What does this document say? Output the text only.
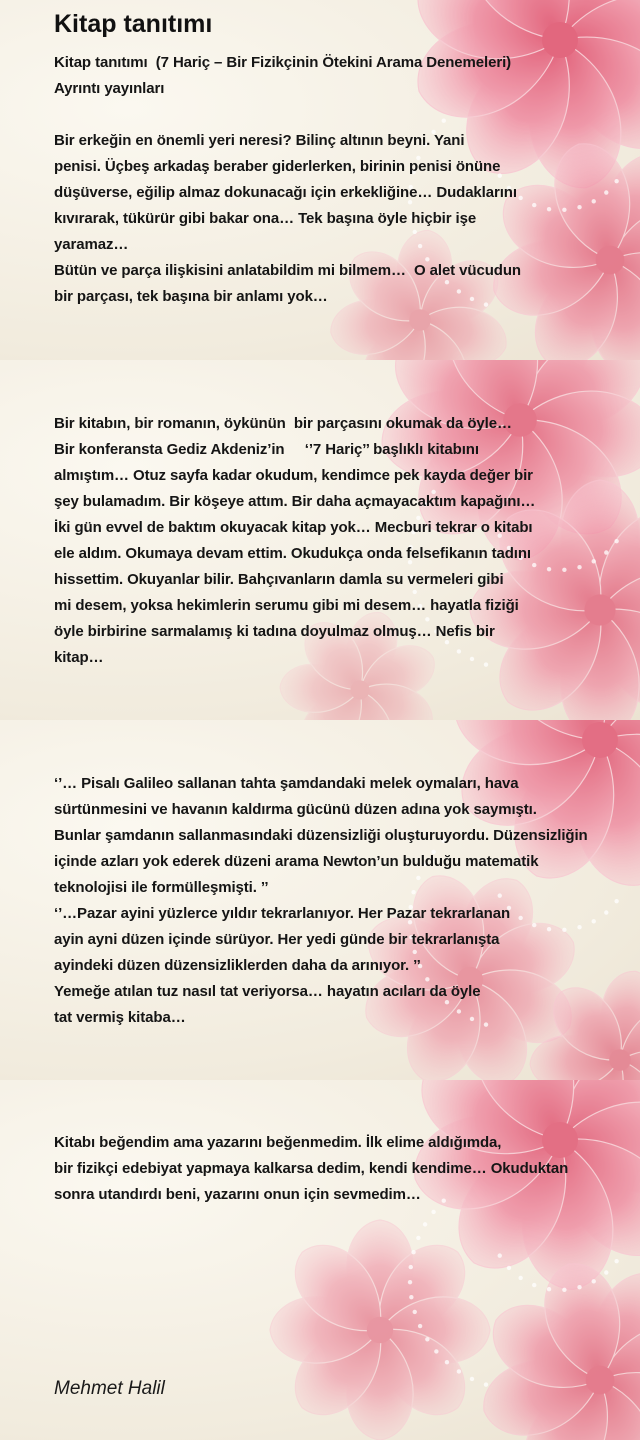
Kitap tanıtımı

Kitap tanıtımı  (7 Hariç – Bir Fizikçinin Ötekini Arama Denemeleri)
Ayrıntı yayınları

Bir erkeğin en önemli yeri neresi? Bilinç altının beyni. Yani
penisi. Üçbeş arkadaş beraber giderlerken, birinin penisi önüne
düşüverse, eğilip almaz dokunacağı için erkekliğine… Dudaklarını
kıvırarak, tükürür gibi bakar ona… Tek başına öyle hiçbir işe
yaramaz…
Bütün ve parça ilişkisini anlatabildim mi bilmem…  O alet vücudun
bir parçası, tek başına bir anlamı yok…

Bir kitabın, bir romanın, öykünün  bir parçasını okumak da öyle…
Bir konferansta Gediz Akdeniz’in     ‘’7 Hariç’’ başlıklı kitabını
almıştım… Otuz sayfa kadar okudum, kendimce pek kayda değer bir
şey bulamadım. Bir köşeye attım. Bir daha açmayacaktım kapağını…
İki gün evvel de baktım okuyacak kitap yok… Mecburi tekrar o kitabı
ele aldım. Okumaya devam ettim. Okudukça onda felsefikanın tadını
hissettim. Okuyanlar bilir. Bahçıvanların damla su vermeleri gibi
mi desem, yoksa hekimlerin serumu gibi mi desem… hayatla fiziği
öyle birbirine sarmalamış ki tadına doyulmaz olmuş… Nefis bir
kitap…

‘’… Pisalı Galileo sallanan tahta şamdandaki melek oymaları, hava
sürtünmesini ve havanın kaldırma gücünü düzen adına yok saymıştı.
Bunlar şamdanın sallanmasındaki düzensizliği oluşturuyordu. Düzensizliğin
içinde azları yok ederek düzeni arama Newton’un bulduğu matematik
teknolojisi ile formülleşmişti. ’’
‘’…Pazar ayini yüzlerce yıldır tekrarlanıyor. Her Pazar tekrarlanan
ayin ayni düzen içinde sürüyor. Her yedi günde bir tekrarlanışta
ayindeki düzen düzensizliklerden daha da arınıyor. ’’
Yemeğe atılan tuz nasıl tat veriyorsa… hayatın acıları da öyle
tat vermiş kitaba…

Kitabı beğendim ama yazarını beğenmedim. İlk elime aldığımda,
bir fizikçi edebiyat yapmaya kalkarsa dedim, kendi kendime… Okuduktan
sonra utandırdı beni, yazarını onun için sevmedim…

Mehmet Halil
